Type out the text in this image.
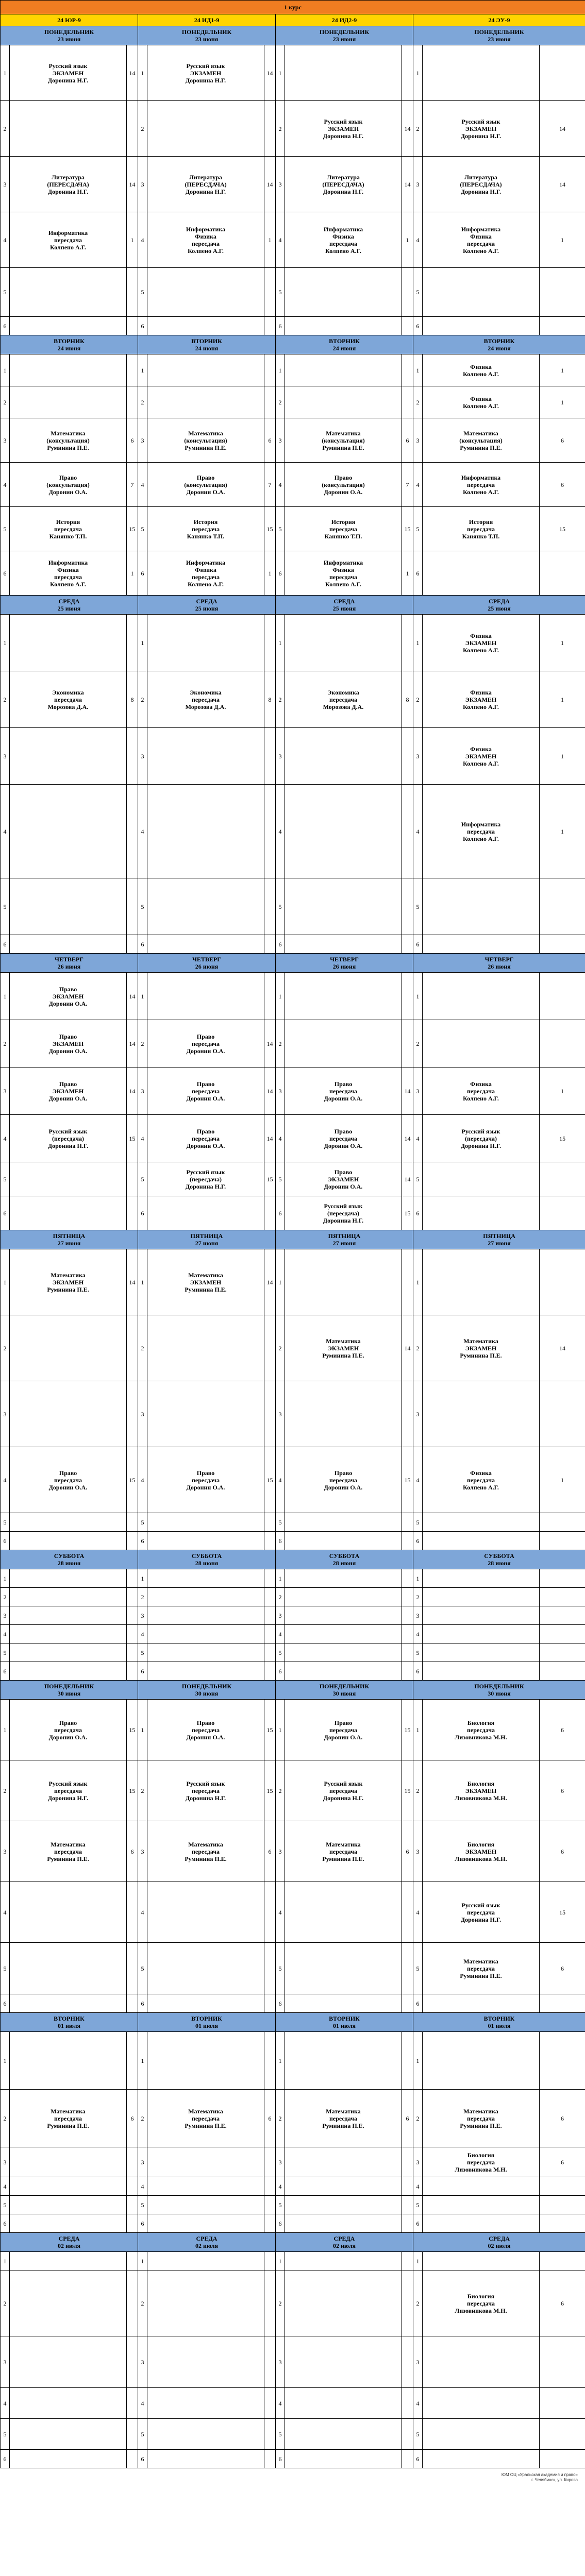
1 курс											
24 ЮР-9			24 ИД1-9			24 ИД2-9			24 ЭУ-9		

ПОНЕДЕЛЬНИК
23 июня			ПОНЕДЕЛЬНИК
23 июня			ПОНЕДЕЛЬНИК
23 июня			ПОНЕДЕЛЬНИК
23 июня		

1	Русский язык
ЭКЗАМЕН
Доронина Н.Г.	14	1	Русский язык
ЭКЗАМЕН
Доронина Н.Г.	14	1			1		
2			2			2	Русский язык
ЭКЗАМЕН
Доронина Н.Г.	14	2	Русский язык
ЭКЗАМЕН
Доронина Н.Г.	14
3	Литература
(ПЕРЕСДАЧА)
Доронина Н.Г.	14	3	Литература
(ПЕРЕСДАЧА)
Доронина Н.Г.	14	3	Литература
(ПЕРЕСДАЧА)
Доронина Н.Г.	14	3	Литература
(ПЕРЕСДАЧА)
Доронина Н.Г.	14
4	Информатика
пересдача
Колпено А.Г.	1	4	Информатика
Физика
пересдача
Колпено А.Г.	1	4	Информатика
Физика
пересдача
Колпено А.Г.	1	4	Информатика
Физика
пересдача
Колпено А.Г.	1
5			5			5			5		
6			6			6			6		

ВТОРНИК
24 июня			ВТОРНИК
24 июня			ВТОРНИК
24 июня			ВТОРНИК
24 июня		

1			1			1			1	Физика
Колпено А.Г.	1
2			2			2			2	Физика
Колпено А.Г.	1
3	Математика
(консультация)
Руминина П.Е.	6	3	Математика
(консультация)
Руминина П.Е.	6	3	Математика
(консультация)
Руминина П.Е.	6	3	Математика
(консультация)
Руминина П.Е.	6
4	Право
(консультация)
Доронин О.А.	7	4	Право
(консультация)
Доронин О.А.	7	4	Право
(консультация)
Доронин О.А.	7	4	Информатика
пересдача
Колпено А.Г.	6
5	История
пересдача
Канянко Т.П.	15	5	История
пересдача
Канянко Т.П.	15	5	История
пересдача
Канянко Т.П.	15	5	История
пересдача
Канянко Т.П.	15
6	Информатика
Физика
пересдача
Колпено А.Г.	1	6	Информатика
Физика
пересдача
Колпено А.Г.	1	6	Информатика
Физика
пересдача
Колпено А.Г.	1	6		

СРЕДА
25 июня			СРЕДА
25 июня			СРЕДА
25 июня			СРЕДА
25 июня		

1			1			1			1	Физика
ЭКЗАМЕН
Колпено А.Г.	1
2	Экономика
пересдача
Морозова Д.А.	8	2	Экономика
пересдача
Морозова Д.А.	8	2	Экономика
пересдача
Морозова Д.А.	8	2	Физика
ЭКЗАМЕН
Колпено А.Г.	1
3			3			3			3	Физика
ЭКЗАМЕН
Колпено А.Г.	1
4			4			4			4	Информатика
пересдача
Колпено А.Г.	1
5			5			5			5		
6			6			6			6		

ЧЕТВЕРГ
26 июня			ЧЕТВЕРГ
26 июня			ЧЕТВЕРГ
26 июня			ЧЕТВЕРГ
26 июня		

1	Право
ЭКЗАМЕН
Доронин О.А.	14	1			1			1		
2	Право
ЭКЗАМЕН
Доронин О.А.	14	2	Право
пересдача
Доронин О.А.	14	2			2		
3	Право
ЭКЗАМЕН
Доронин О.А.	14	3	Право
пересдача
Доронин О.А.	14	3	Право
пересдача
Доронин О.А.	14	3	Физика
пересдача
Колпено А.Г.	1
4	Русский язык
(пересдача)
Доронина Н.Г.	15	4	Право
пересдача
Доронин О.А.	14	4	Право
пересдача
Доронин О.А.	14	4	Русский язык
(пересдача)
Доронина Н.Г.	15
5			5	Русский язык
(пересдача)
Доронина Н.Г.	15	5	Право
ЭКЗАМЕН
Доронин О.А.	14	5		
6			6			6	Русский язык
(пересдача)
Доронина Н.Г.	15	6		

ПЯТНИЦА
27 июня			ПЯТНИЦА
27 июня			ПЯТНИЦА
27 июня			ПЯТНИЦА
27 июня		

1	Математика
ЭКЗАМЕН
Руминина П.Е.	14	1	Математика
ЭКЗАМЕН
Руминина П.Е.	14	1			1		
2			2			2	Математика
ЭКЗАМЕН
Руминина П.Е.	14	2	Математика
ЭКЗАМЕН
Руминина П.Е.	14
3			3			3			3		
4	Право
пересдача
Доронин О.А.	15	4	Право
пересдача
Доронин О.А.	15	4	Право
пересдача
Доронин О.А.	15	4	Физика
пересдача
Колпено А.Г.	1
5			5			5			5		
6			6			6			6		

СУББОТА
28 июня			СУББОТА
28 июня			СУББОТА
28 июня			СУББОТА
28 июня		

1			1			1			1		
2			2			2			2		
3			3			3			3		
4			4			4			4		
5			5			5			5		
6			6			6			6		

ПОНЕДЕЛЬНИК
30 июня			ПОНЕДЕЛЬНИК
30 июня			ПОНЕДЕЛЬНИК
30 июня			ПОНЕДЕЛЬНИК
30 июня		

1	Право
пересдача
Доронин О.А.	15	1	Право
пересдача
Доронин О.А.	15	1	Право
пересдача
Доронин О.А.	15	1	Биология
пересдача
Лизовникова М.Н.	6
2	Русский язык
пересдача
Доронина Н.Г.	15	2	Русский язык
пересдача
Доронина Н.Г.	15	2	Русский язык
пересдача
Доронина Н.Г.	15	2	Биология
ЭКЗАМЕН
Лизовникова М.Н.	6
3	Математика
пересдача
Руминина П.Е.	6	3	Математика
пересдача
Руминина П.Е.	6	3	Математика
пересдача
Руминина П.Е.	6	3	Биология
ЭКЗАМЕН
Лизовникова М.Н.	6
4			4			4			4	Русский язык
пересдача
Доронина Н.Г.	15
5			5			5			5	Математика
пересдача
Руминина П.Е.	6
6			6			6			6		

ВТОРНИК
01 июля			ВТОРНИК
01 июля			ВТОРНИК
01 июля			ВТОРНИК
01 июля		

1			1			1			1		
2	Математика
пересдача
Руминина П.Е.	6	2	Математика
пересдача
Руминина П.Е.	6	2	Математика
пересдача
Руминина П.Е.	6	2	Математика
пересдача
Руминина П.Е.	6
3			3			3			3	Биология
пересдача
Лизовникова М.Н.	6
4			4			4			4		
5			5			5			5		
6			6			6			6		

СРЕДА
02 июля			СРЕДА
02 июля			СРЕДА
02 июля			СРЕДА
02 июля		

1			1			1			1		
2			2			2			2	Биология
пересдача
Лизовникова М.Н.	6
3			3			3			3		
4			4			4			4		
5			5			5			5		
6			6			6			6		
ЮМ ОЦ «Уральская академия и право»
г. Челябинск, ул. Кирова
